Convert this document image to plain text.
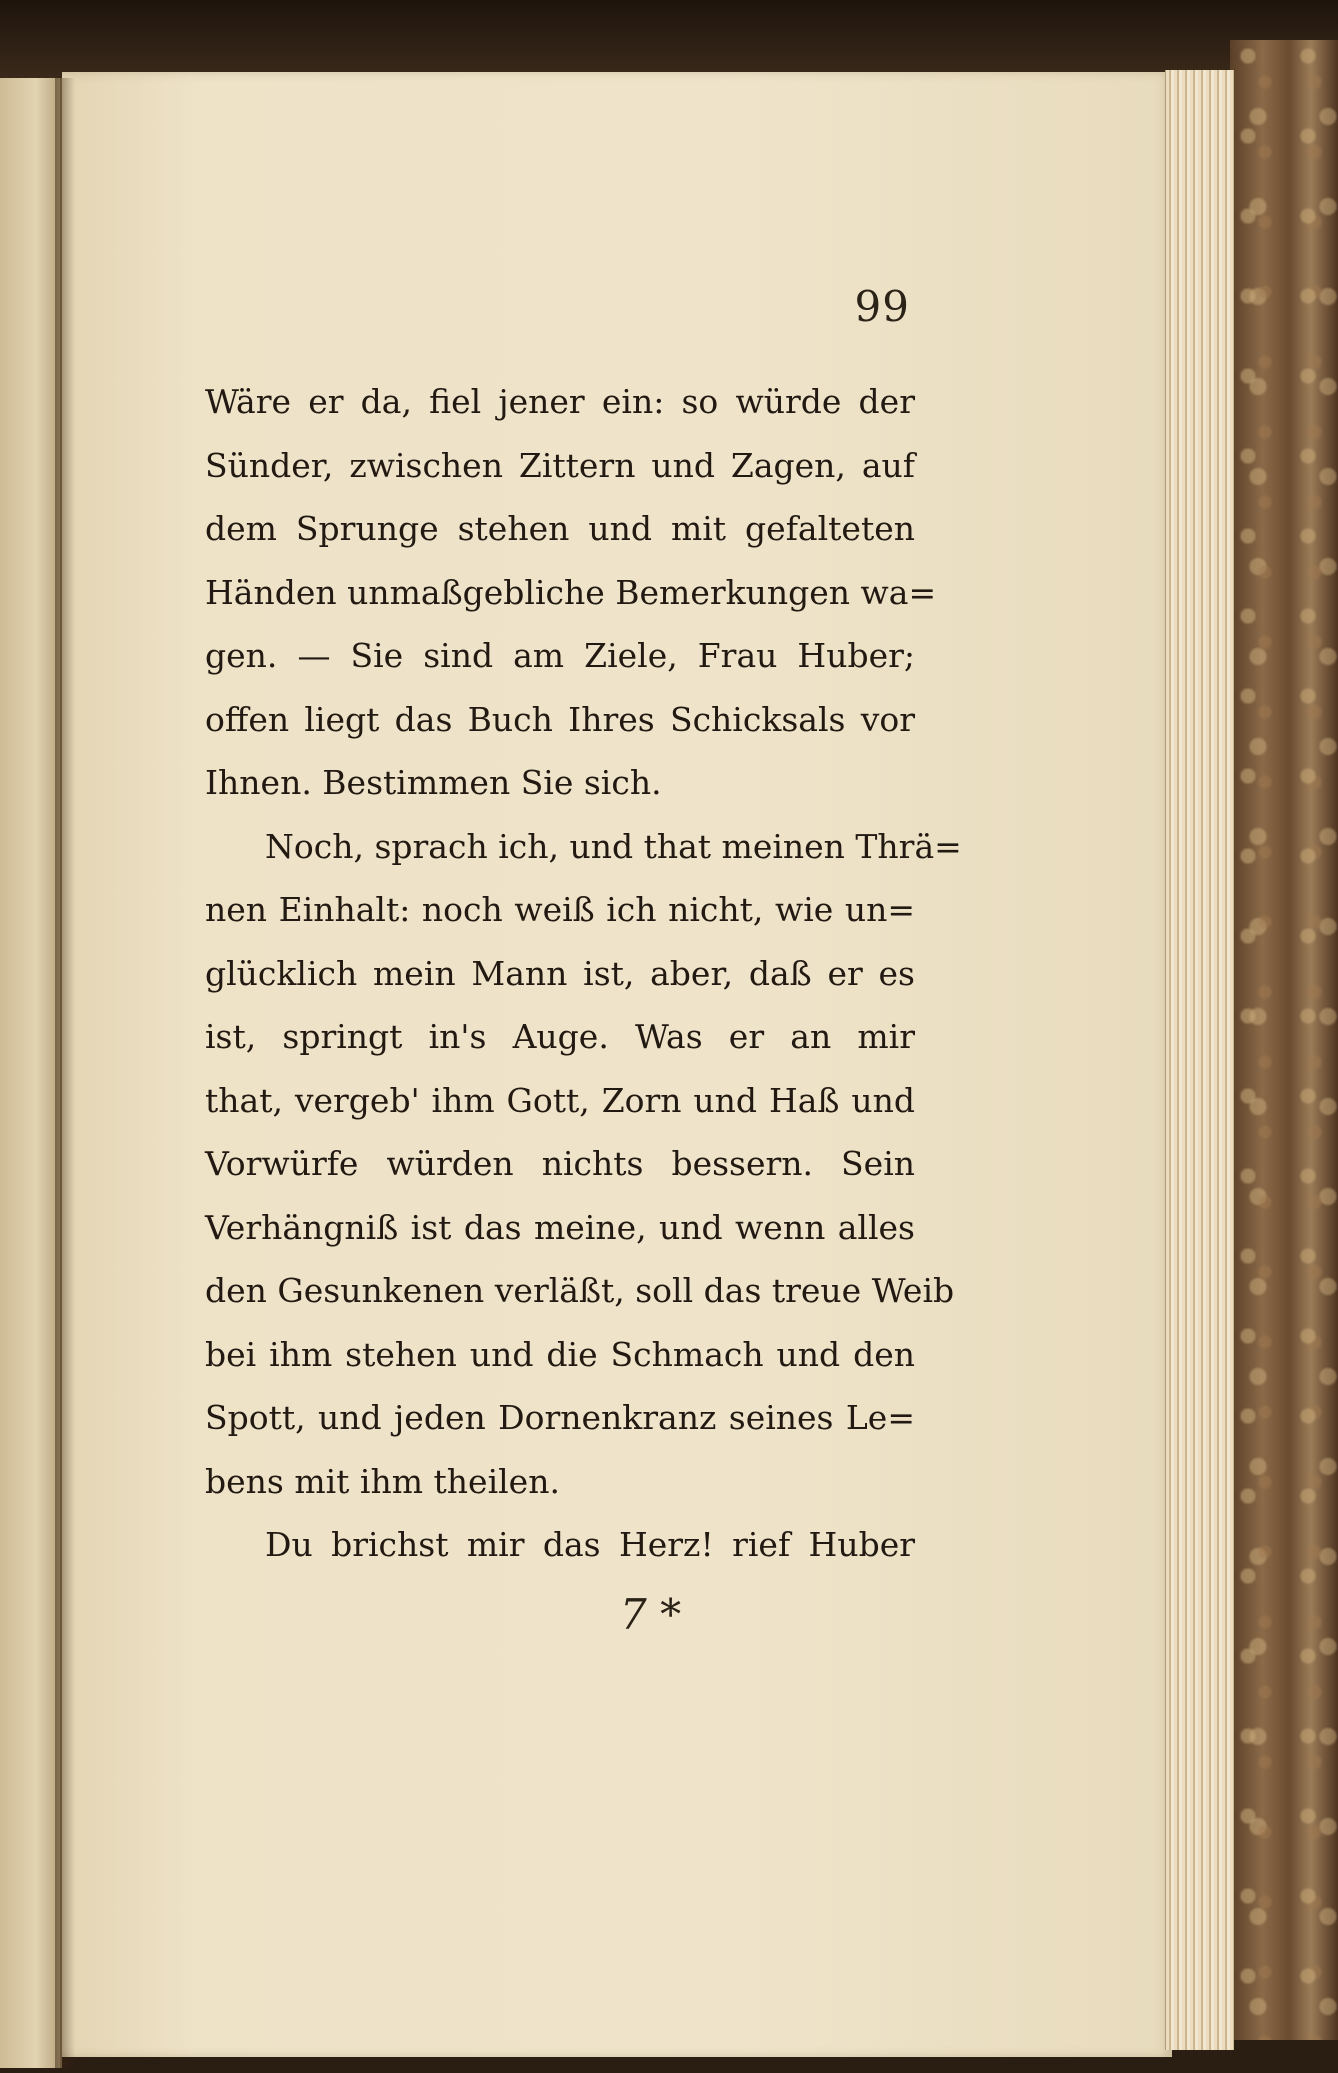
99
Wäre er da, fiel jener ein: so würde der
Sünder, zwischen Zittern und Zagen, auf
dem Sprunge stehen und mit gefalteten
Händen unmaßgebliche Bemerkungen wa=
gen. — Sie sind am Ziele, Frau Huber;
offen liegt das Buch Ihres Schicksals vor
Ihnen. Bestimmen Sie sich.
Noch, sprach ich, und that meinen Thrä=
nen Einhalt: noch weiß ich nicht, wie un=
glücklich mein Mann ist, aber, daß er es
ist, springt in's Auge. Was er an mir
that, vergeb' ihm Gott, Zorn und Haß und
Vorwürfe würden nichts bessern. Sein
Verhängniß ist das meine, und wenn alles
den Gesunkenen verläßt, soll das treue Weib
bei ihm stehen und die Schmach und den
Spott, und jeden Dornenkranz seines Le=
bens mit ihm theilen.
Du brichst mir das Herz! rief Huber
7 *
